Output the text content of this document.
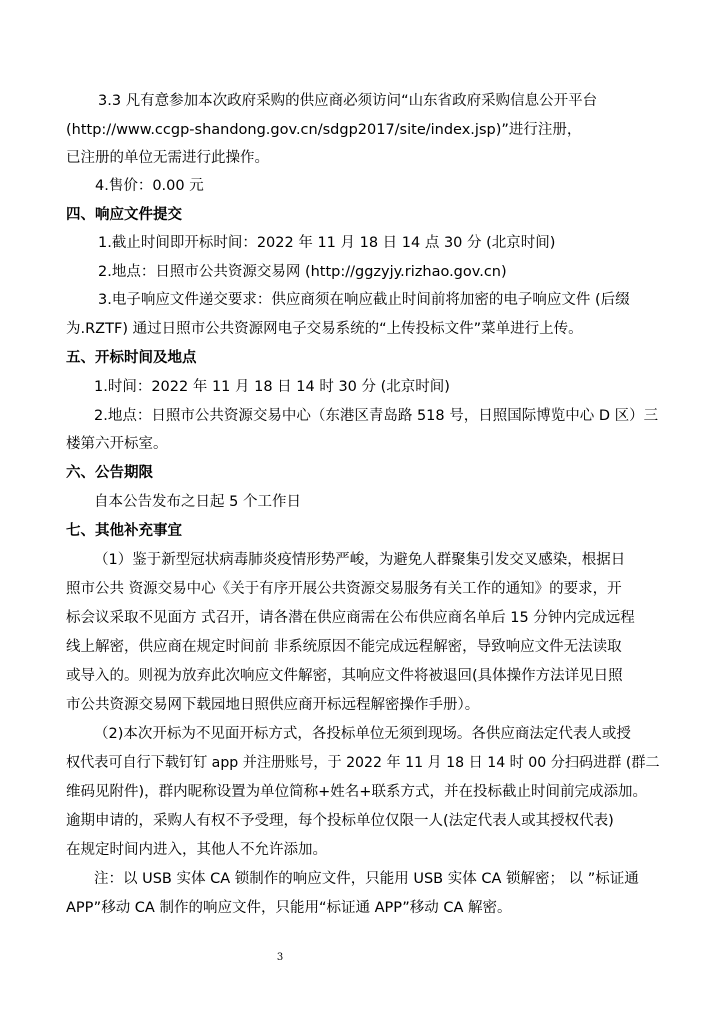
3.3 凡有意参加本次政府采购的供应商必须访问“山东省政府采购信息公开平台
(http://www.ccgp-shandong.gov.cn/sdgp2017/site/index.jsp)”进行注册，
已注册的单位无需进行此操作。
4.售价：0.00 元
四、响应文件提交
1.截止时间即开标时间：2022 年 11 月 18 日 14 点 30 分 (北京时间)
2.地点：日照市公共资源交易网 (http://ggzyjy.rizhao.gov.cn)
3.电子响应文件递交要求：供应商须在响应截止时间前将加密的电子响应文件 (后缀
为.RZTF) 通过日照市公共资源网电子交易系统的“上传投标文件”菜单进行上传。
五、开标时间及地点
1.时间：2022 年 11 月 18 日 14 时 30 分 (北京时间)
2.地点：日照市公共资源交易中心（东港区青岛路 518 号，日照国际博览中心 D 区）三
楼第六开标室。
六、公告期限
自本公告发布之日起 5 个工作日
七、其他补充事宜
（1）鉴于新型冠状病毒肺炎疫情形势严峻，为避免人群聚集引发交叉感染，根据日
照市公共 资源交易中心《关于有序开展公共资源交易服务有关工作的通知》的要求，开
标会议采取不见面方 式召开，请各潜在供应商需在公布供应商名单后 15 分钟内完成远程
线上解密，供应商在规定时间前 非系统原因不能完成远程解密，导致响应文件无法读取
或导入的。则视为放弃此次响应文件解密，其响应文件将被退回(具体操作方法详见日照
市公共资源交易网下载园地日照供应商开标远程解密操作手册）。
（2)本次开标为不见面开标方式，各投标单位无须到现场。各供应商法定代表人或授
权代表可自行下载钉钉 app 并注册账号，于 2022 年 11 月 18 日 14 时 00 分扫码进群 (群二
维码见附件)，群内昵称设置为单位简称+姓名+联系方式，并在投标截止时间前完成添加。
逾期申请的，采购人有权不予受理，每个投标单位仅限一人(法定代表人或其授权代表)
在规定时间内进入，其他人不允许添加。
注：以 USB 实体 CA 锁制作的响应文件，只能用 USB 实体 CA 锁解密； 以 ”标证通
APP”移动 CA 制作的响应文件，只能用“标证通 APP”移动 CA 解密。
3
